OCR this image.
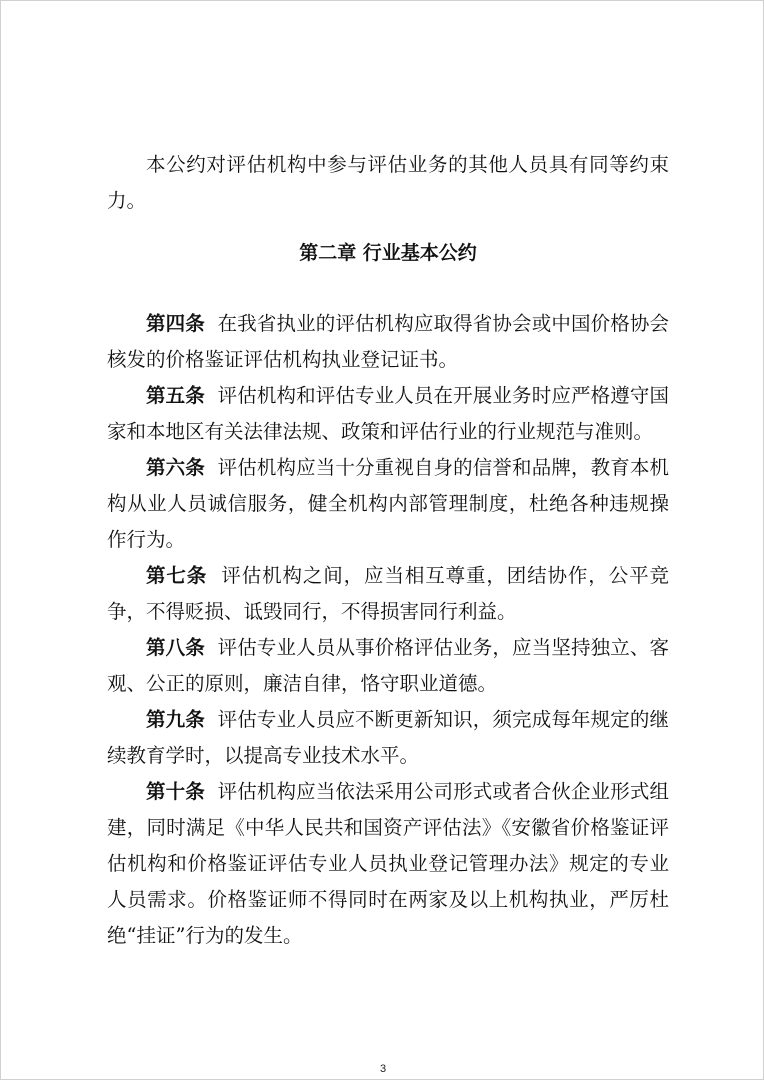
本公约对评估机构中参与评估业务的其他人员具有同等约束力。

第二章 行业基本公约

第四条 在我省执业的评估机构应取得省协会或中国价格协会核发的价格鉴证评估机构执业登记证书。

第五条 评估机构和评估专业人员在开展业务时应严格遵守国家和本地区有关法律法规、政策和评估行业的行业规范与准则。

第六条 评估机构应当十分重视自身的信誉和品牌，教育本机构从业人员诚信服务，健全机构内部管理制度，杜绝各种违规操作行为。

第七条 评估机构之间，应当相互尊重，团结协作，公平竞争，不得贬损、诋毁同行，不得损害同行利益。

第八条 评估专业人员从事价格评估业务，应当坚持独立、客观、公正的原则，廉洁自律，恪守职业道德。

第九条 评估专业人员应不断更新知识，须完成每年规定的继续教育学时，以提高专业技术水平。

第十条 评估机构应当依法采用公司形式或者合伙企业形式组建，同时满足《中华人民共和国资产评估法》《安徽省价格鉴证评估机构和价格鉴证评估专业人员执业登记管理办法》规定的专业人员需求。价格鉴证师不得同时在两家及以上机构执业，严厉杜绝“挂证”行为的发生。

3
